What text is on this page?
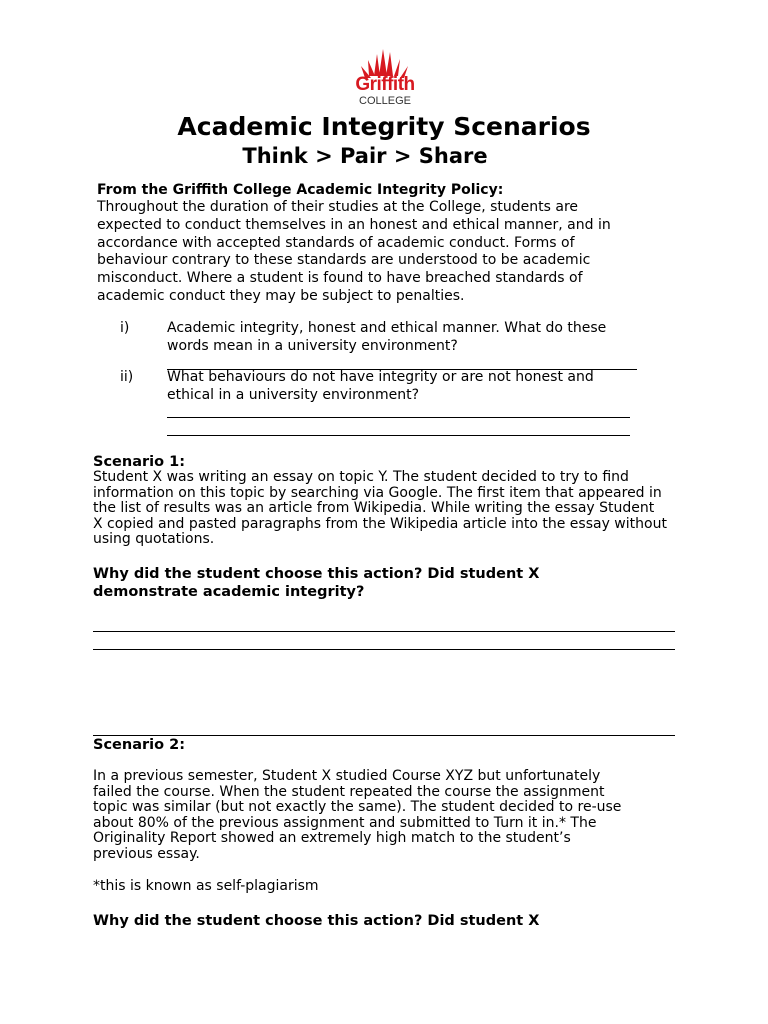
Griffith
COLLEGE
Academic Integrity Scenarios
Think > Pair > Share
From the Griffith College Academic Integrity Policy:
Throughout the duration of their studies at the College, students are
expected to conduct themselves in an honest and ethical manner, and in
accordance with accepted standards of academic conduct. Forms of
behaviour contrary to these standards are understood to be academic
misconduct. Where a student is found to have breached standards of
academic conduct they may be subject to penalties.
i)	Academic integrity, honest and ethical manner. What do these
words mean in a university environment?
ii) What behaviours do not have integrity or are not honest and
ethical in a university environment?
Scenario 1:
Student X was writing an essay on topic Y. The student decided to try to find
information on this topic by searching via Google. The first item that appeared in
the list of results was an article from Wikipedia. While writing the essay Student
X copied and pasted paragraphs from the Wikipedia article into the essay without
using quotations.
Why did the student choose this action? Did student X
demonstrate academic integrity?
Scenario 2:
In a previous semester, Student X studied Course XYZ but unfortunately
failed the course. When the student repeated the course the assignment
topic was similar (but not exactly the same). The student decided to re-use
about 80% of the previous assignment and submitted to Turn it in.* The
Originality Report showed an extremely high match to the student’s
previous essay.
*this is known as self-plagiarism
Why did the student choose this action? Did student X
